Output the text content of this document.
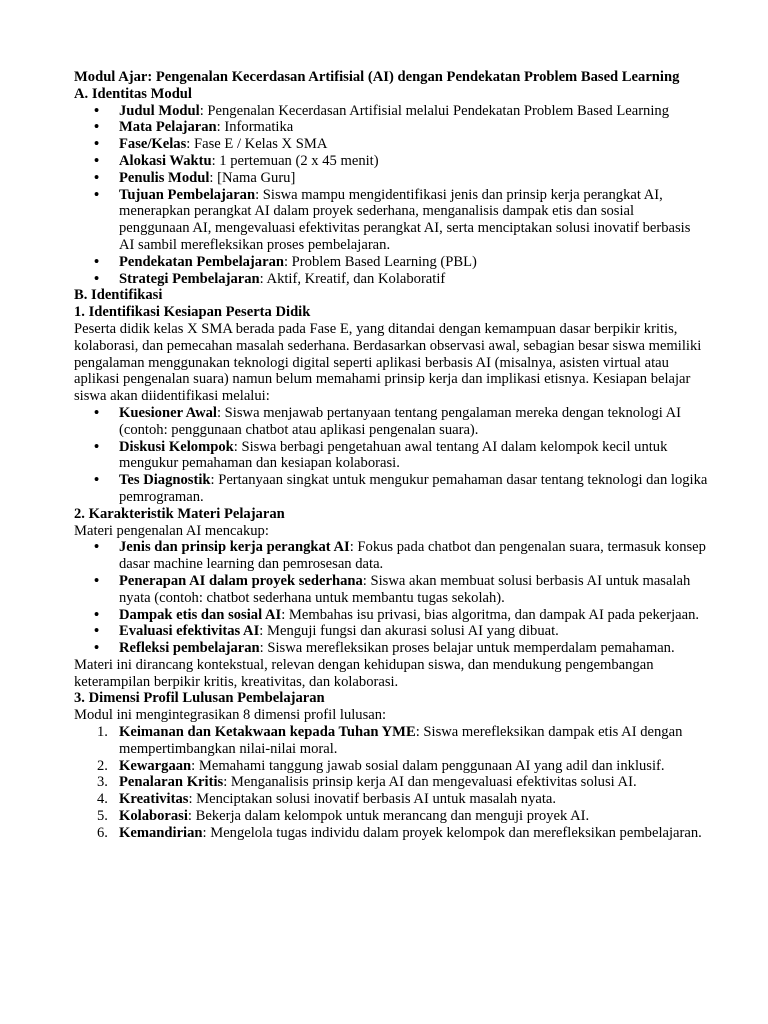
Modul Ajar: Pengenalan Kecerdasan Artifisial (AI) dengan Pendekatan Problem Based Learning

A. Identitas Modul

• Judul Modul: Pengenalan Kecerdasan Artifisial melalui Pendekatan Problem Based Learning
• Mata Pelajaran: Informatika
• Fase/Kelas: Fase E / Kelas X SMA
• Alokasi Waktu: 1 pertemuan (2 x 45 menit)
• Penulis Modul: [Nama Guru]
• Tujuan Pembelajaran: Siswa mampu mengidentifikasi jenis dan prinsip kerja perangkat AI, menerapkan perangkat AI dalam proyek sederhana, menganalisis dampak etis dan sosial penggunaan AI, mengevaluasi efektivitas perangkat AI, serta menciptakan solusi inovatif berbasis AI sambil merefleksikan proses pembelajaran.
• Pendekatan Pembelajaran: Problem Based Learning (PBL)
• Strategi Pembelajaran: Aktif, Kreatif, dan Kolaboratif

B. Identifikasi

1. Identifikasi Kesiapan Peserta Didik

Peserta didik kelas X SMA berada pada Fase E, yang ditandai dengan kemampuan dasar berpikir kritis, kolaborasi, dan pemecahan masalah sederhana. Berdasarkan observasi awal, sebagian besar siswa memiliki pengalaman menggunakan teknologi digital seperti aplikasi berbasis AI (misalnya, asisten virtual atau aplikasi pengenalan suara) namun belum memahami prinsip kerja dan implikasi etisnya. Kesiapan belajar siswa akan diidentifikasi melalui:

• Kuesioner Awal: Siswa menjawab pertanyaan tentang pengalaman mereka dengan teknologi AI (contoh: penggunaan chatbot atau aplikasi pengenalan suara).
• Diskusi Kelompok: Siswa berbagi pengetahuan awal tentang AI dalam kelompok kecil untuk mengukur pemahaman dan kesiapan kolaborasi.
• Tes Diagnostik: Pertanyaan singkat untuk mengukur pemahaman dasar tentang teknologi dan logika pemrograman.

2. Karakteristik Materi Pelajaran

Materi pengenalan AI mencakup:

• Jenis dan prinsip kerja perangkat AI: Fokus pada chatbot dan pengenalan suara, termasuk konsep dasar machine learning dan pemrosesan data.
• Penerapan AI dalam proyek sederhana: Siswa akan membuat solusi berbasis AI untuk masalah nyata (contoh: chatbot sederhana untuk membantu tugas sekolah).
• Dampak etis dan sosial AI: Membahas isu privasi, bias algoritma, dan dampak AI pada pekerjaan.
• Evaluasi efektivitas AI: Menguji fungsi dan akurasi solusi AI yang dibuat.
• Refleksi pembelajaran: Siswa merefleksikan proses belajar untuk memperdalam pemahaman.

Materi ini dirancang kontekstual, relevan dengan kehidupan siswa, dan mendukung pengembangan keterampilan berpikir kritis, kreativitas, dan kolaborasi.

3. Dimensi Profil Lulusan Pembelajaran

Modul ini mengintegrasikan 8 dimensi profil lulusan:

Keimanan dan Ketakwaan kepada Tuhan YME: Siswa merefleksikan dampak etis AI dengan mempertimbangkan nilai-nilai moral.
Kewargaan: Memahami tanggung jawab sosial dalam penggunaan AI yang adil dan inklusif.
Penalaran Kritis: Menganalisis prinsip kerja AI dan mengevaluasi efektivitas solusi AI.
Kreativitas: Menciptakan solusi inovatif berbasis AI untuk masalah nyata.
Kolaborasi: Bekerja dalam kelompok untuk merancang dan menguji proyek AI.
Kemandirian: Mengelola tugas individu dalam proyek kelompok dan merefleksikan pembelajaran.
